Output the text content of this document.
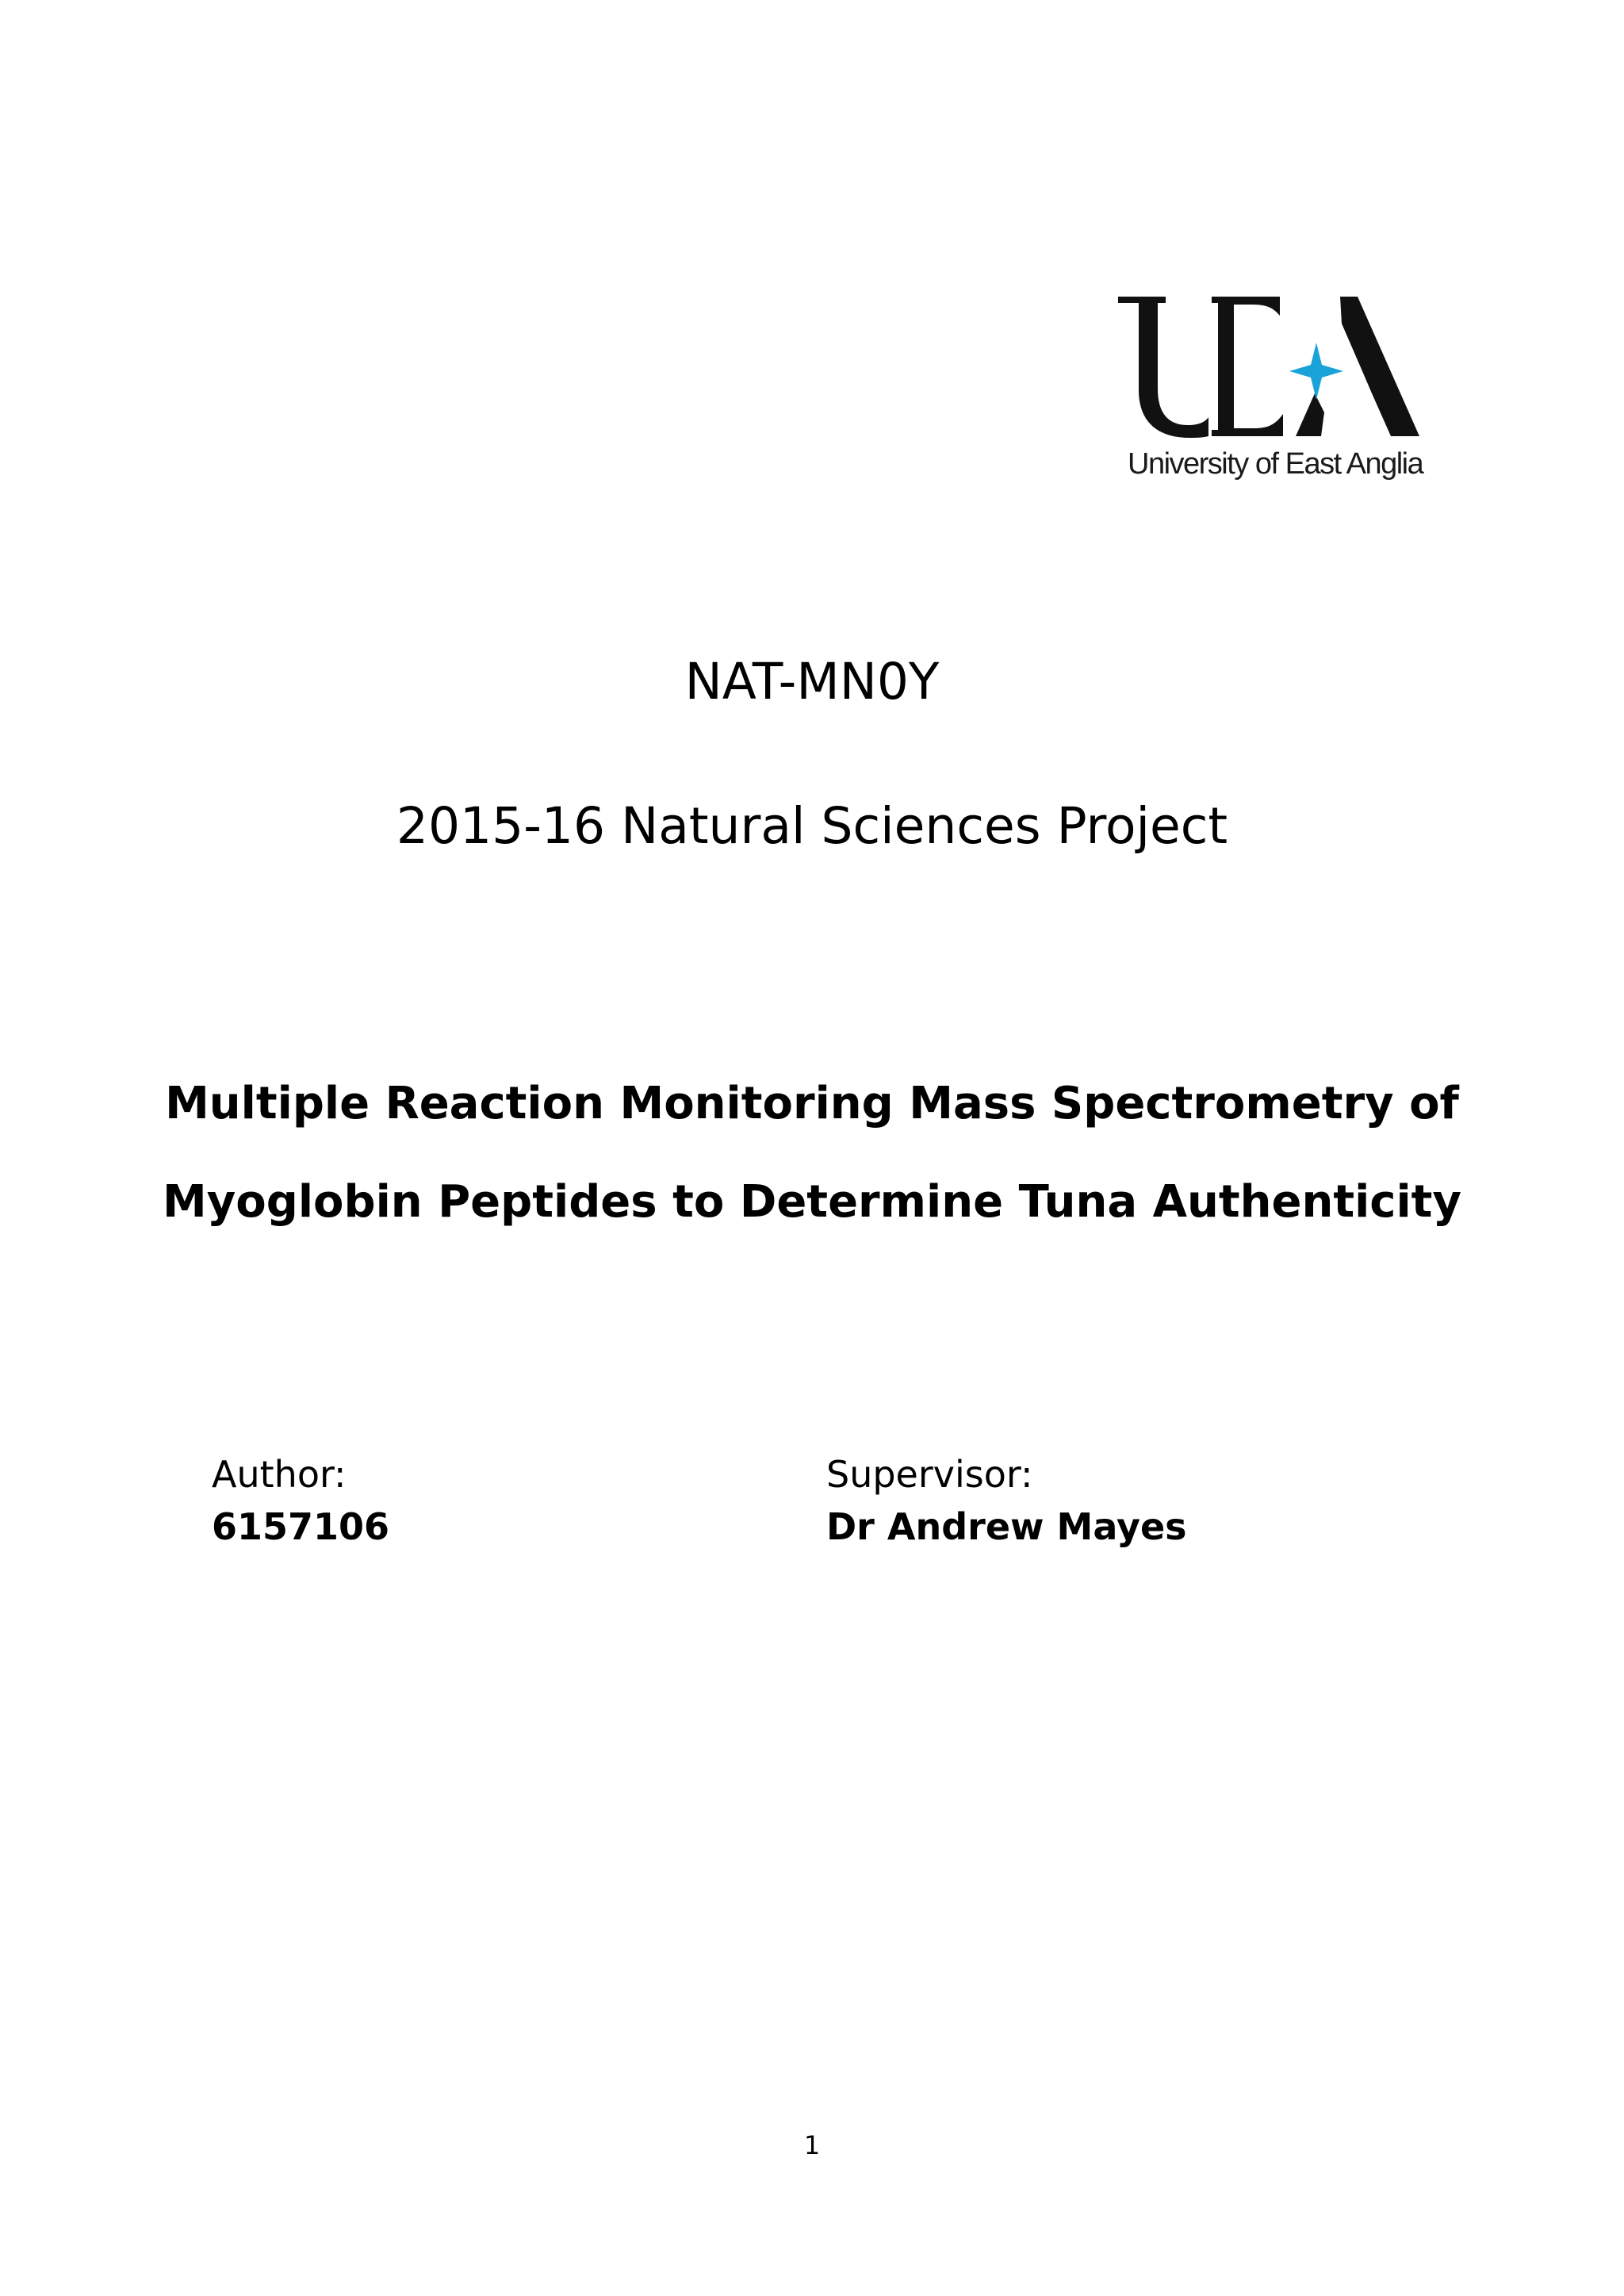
University of East Anglia
NAT-MN0Y
2015-16 Natural Sciences Project
Multiple Reaction Monitoring Mass Spectrometry of
Myoglobin Peptides to Determine Tuna Authenticity
Author:
6157106
Supervisor:
Dr Andrew Mayes
1
